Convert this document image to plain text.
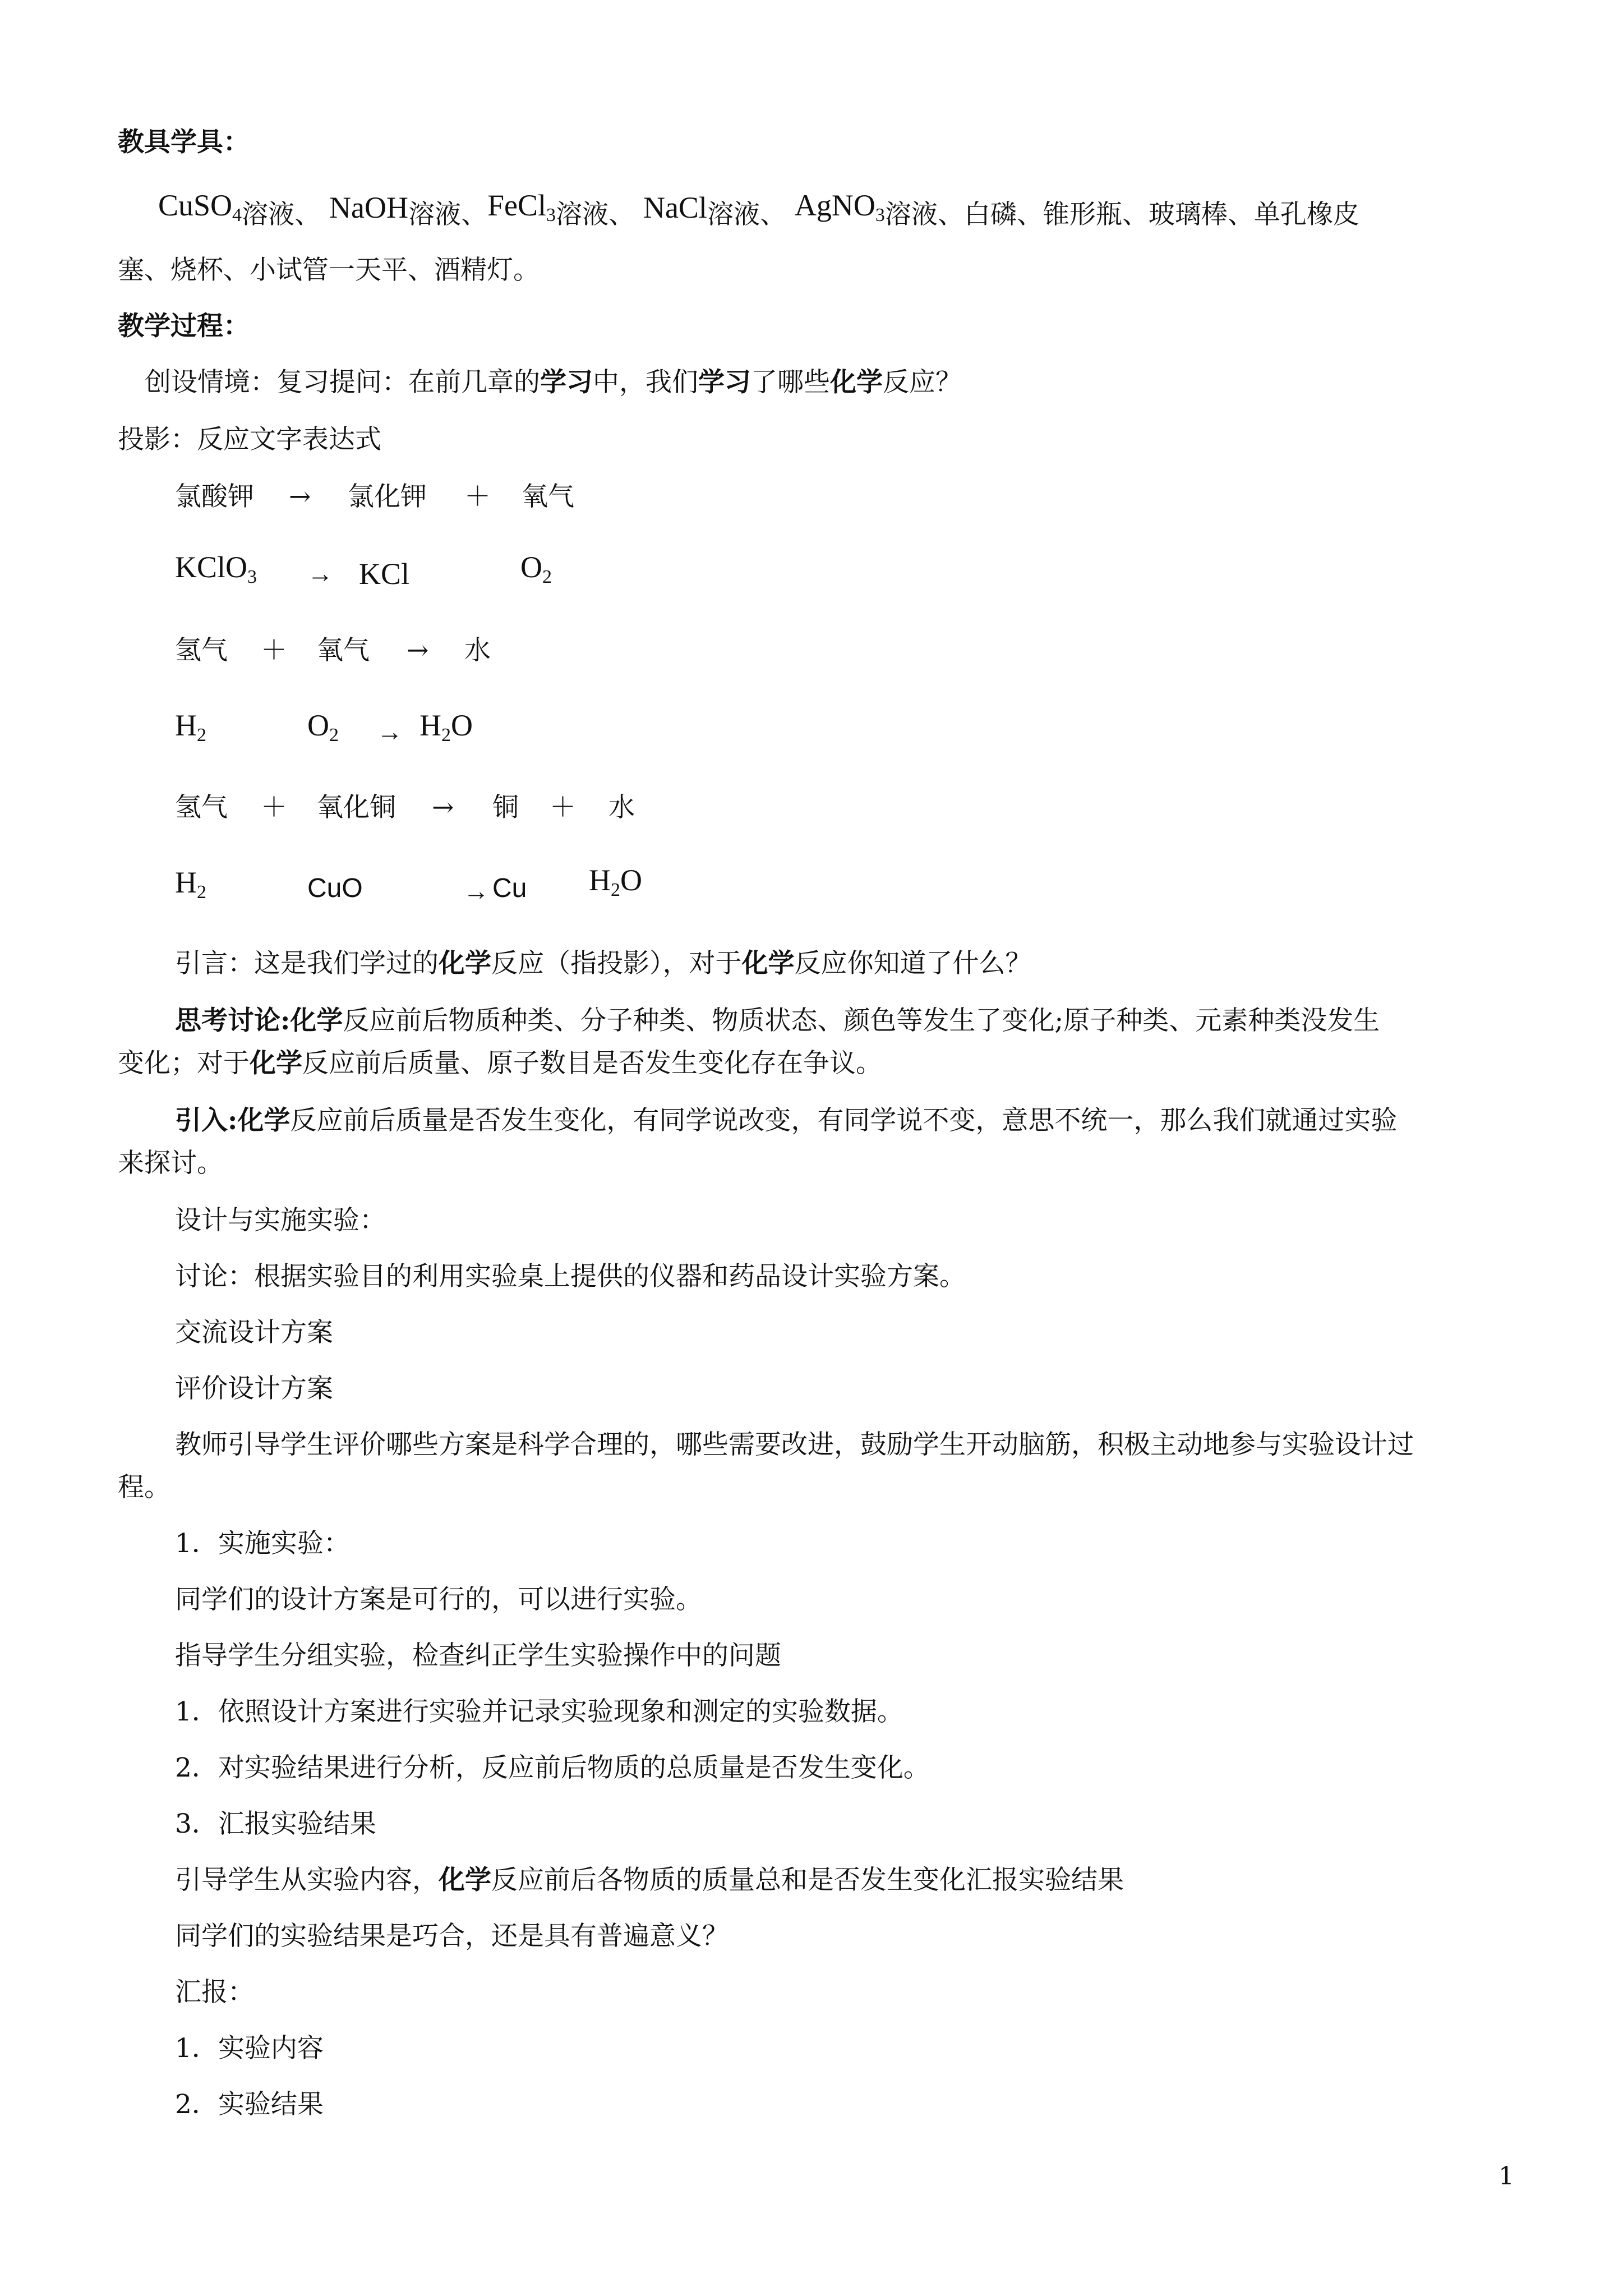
教具学具：
CuSO$_4$溶液、 NaOH溶液、FeCl$_3$溶液、 NaCl溶液、 AgNO$_3$溶液、白磷、锥形瓶、玻璃棒、单孔橡皮
塞、烧杯、小试管一天平、酒精灯。
教学过程：
创设情境：复习提问：在前几章的学习中，我们学习了哪些化学反应？
投影：反应文字表达式
氯酸钾 → 氯化钾 ＋ 氧气
KClO$_3$ → KCl	$O_2$
氢气 ＋ 氧气 → 水
$H_2$	$O_2 \to H_2O$
氢气 ＋ 氧化铜 → 铜 ＋ 水
$H_2$	CuO	→ Cu $H_2O$
引言：这是我们学过的化学反应（指投影），对于化学反应你知道了什么？
思考讨论:化学反应前后物质种类、分子种类、物质状态、颜色等发生了变化;原子种类、元素种类没发生
变化；对于化学反应前后质量、原子数目是否发生变化存在争议。
引入:化学反应前后质量是否发生变化，有同学说改变，有同学说不变，意思不统一，那么我们就通过实验
来探讨。
设计与实施实验：
讨论：根据实验目的利用实验桌上提供的仪器和药品设计实验方案。
交流设计方案
评价设计方案
教师引导学生评价哪些方案是科学合理的，哪些需要改进，鼓励学生开动脑筋，积极主动地参与实验设计过
程。
1．实施实验：
同学们的设计方案是可行的，可以进行实验。
指导学生分组实验，检查纠正学生实验操作中的问题
1．依照设计方案进行实验并记录实验现象和测定的实验数据。
2．对实验结果进行分析，反应前后物质的总质量是否发生变化。
3．汇报实验结果
引导学生从实验内容，化学反应前后各物质的质量总和是否发生变化汇报实验结果
同学们的实验结果是巧合，还是具有普遍意义？
汇报：
1．实验内容
2．实验结果
1
